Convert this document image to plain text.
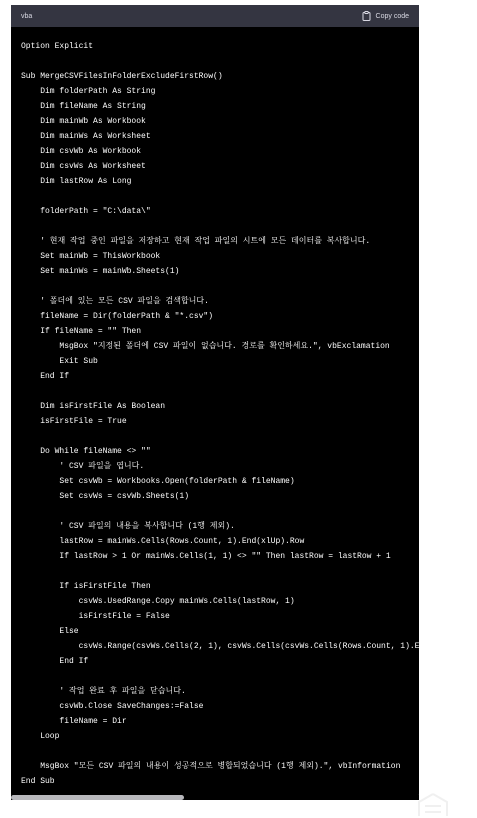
vba	Copy code
Option Explicit

Sub MergeCSVFilesInFolderExcludeFirstRow()
Dim folderPath As String
Dim fileName As String
Dim mainWb As Workbook
Dim mainWs As Worksheet
Dim csvWb As Workbook
Dim csvWs As Worksheet
Dim lastRow As Long

folderPath = "C:\data\"

' 현재 작업 중인 파일을 저장하고 현재 작업 파일의 시트에 모든 데이터를 복사합니다.
Set mainWb = ThisWorkbook
Set mainWs = mainWb.Sheets(1)

' 폴더에 있는 모든 CSV 파일을 검색합니다.
fileName = Dir(folderPath & "*.csv")
If fileName = "" Then
MsgBox "지정된 폴더에 CSV 파일이 없습니다. 경로를 확인하세요.", vbExclamation
Exit Sub
End If

Dim isFirstFile As Boolean
isFirstFile = True

Do While fileName <> ""
' CSV 파일을 엽니다.
Set csvWb = Workbooks.Open(folderPath & fileName)
Set csvWs = csvWb.Sheets(1)

' CSV 파일의 내용을 복사합니다 (1행 제외).
lastRow = mainWs.Cells(Rows.Count, 1).End(xlUp).Row
If lastRow > 1 Or mainWs.Cells(1, 1) <> "" Then lastRow = lastRow + 1

If isFirstFile Then
csvWs.UsedRange.Copy mainWs.Cells(lastRow, 1)
isFirstFile = False
Else
csvWs.Range(csvWs.Cells(2, 1), csvWs.Cells(csvWs.Cells(Rows.Count, 1).End(xlUp).Row
End If

' 작업 완료 후 파일을 닫습니다.
csvWb.Close SaveChanges:=False
fileName = Dir
Loop

MsgBox "모든 CSV 파일의 내용이 성공적으로 병합되었습니다 (1행 제외).", vbInformation
End Sub
